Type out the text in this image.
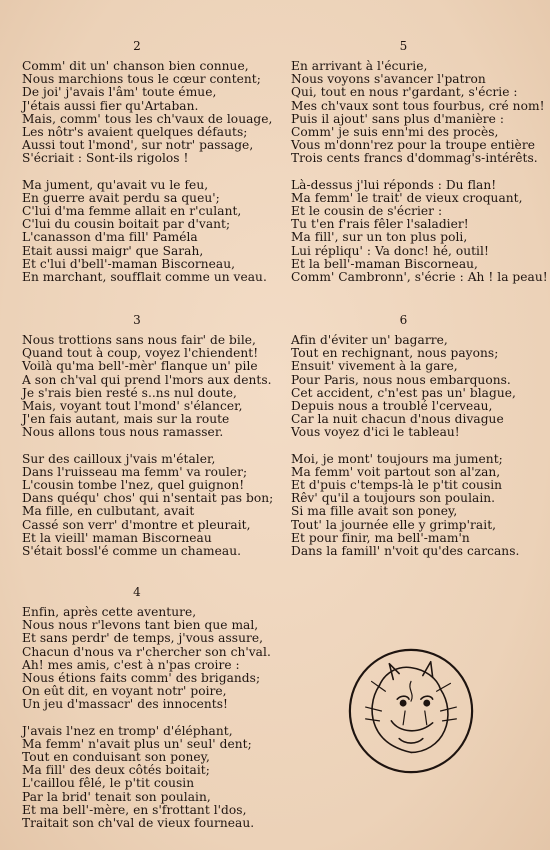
2
Comm' dit un' chanson bien connue,
Nous marchions tous le cœur content;
De joi' j'avais l'âm' toute émue,
J'étais aussi fier qu'Artaban.
Mais, comm' tous les ch'vaux de louage,
Les nôtr's avaient quelques défauts;
Aussi tout l'mond', sur notr' passage,
S'écriait : Sont-ils rigolos !
Ma jument, qu'avait vu le feu,
En guerre avait perdu sa queu';
C'lui d'ma femme allait en r'culant,
C'lui du cousin boitait par d'vant;
L'canasson d'ma fill' Paméla
Etait aussi maigr' que Sarah,
Et c'lui d'bell'-maman Biscorneau,
En marchant, soufflait comme un veau.
5
En arrivant à l'écurie,
Nous voyons s'avancer l'patron
Qui, tout en nous r'gardant, s'écrie :
Mes ch'vaux sont tous fourbus, cré nom!
Puis il ajout' sans plus d'manière :
Comm' je suis enn'mi des procès,
Vous m'donn'rez pour la troupe entière
Trois cents francs d'dommag's-intérêts.
Là-dessus j'lui réponds : Du flan!
Ma femm' le trait' de vieux croquant,
Et le cousin de s'écrier :
Tu t'en f'rais fêler l'saladier!
Ma fill', sur un ton plus poli,
Lui répliqu' : Va donc! hé, outil!
Et la bell'-maman Biscorneau,
Comm' Cambronn', s'écrie : Ah ! la peau!
3
Nous trottions sans nous fair' de bile,
Quand tout à coup, voyez l'chiendent!
Voilà qu'ma bell'-mèr' flanque un' pile
A son ch'val qui prend l'mors aux dents.
Je s'rais bien resté s..ns nul doute,
Mais, voyant tout l'mond' s'élancer,
J'en fais autant, mais sur la route
Nous allons tous nous ramasser.
Sur des cailloux j'vais m'étaler,
Dans l'ruisseau ma femm' va rouler;
L'cousin tombe l'nez, quel guignon!
Dans quéqu' chos' qui n'sentait pas bon;
Ma fille, en culbutant, avait
Cassé son verr' d'montre et pleurait,
Et la vieill' maman Biscorneau
S'était bossl'é comme un chameau.
6
Afin d'éviter un' bagarre,
Tout en rechignant, nous payons;
Ensuit' vivement à la gare,
Pour Paris, nous nous embarquons.
Cet accident, c'n'est pas un' blague,
Depuis nous a troublé l'cerveau,
Car la nuit chacun d'nous divague
Vous voyez d'ici le tableau!
Moi, je mont' toujours ma jument;
Ma femm' voit partout son al'zan,
Et d'puis c'temps-là le p'tit cousin
Rêv' qu'il a toujours son poulain.
Si ma fille avait son poney,
Tout' la journée elle y grimp'rait,
Et pour finir, ma bell'-mam'n
Dans la famill' n'voit qu'des carcans.
4
Enfin, après cette aventure,
Nous nous r'levons tant bien que mal,
Et sans perdr' de temps, j'vous assure,
Chacun d'nous va r'chercher son ch'val.
Ah! mes amis, c'est à n'pas croire :
Nous étions faits comm' des brigands;
On eût dit, en voyant notr' poire,
Un jeu d'massacr' des innocents!
J'avais l'nez en tromp' d'éléphant,
Ma femm' n'avait plus un' seul' dent;
Tout en conduisant son poney,
Ma fill' des deux côtés boitait;
L'caillou fêlé, le p'tit cousin
Par la brid' tenait son poulain,
Et ma bell'-mère, en s'frottant l'dos,
Traitait son ch'val de vieux fourneau.
